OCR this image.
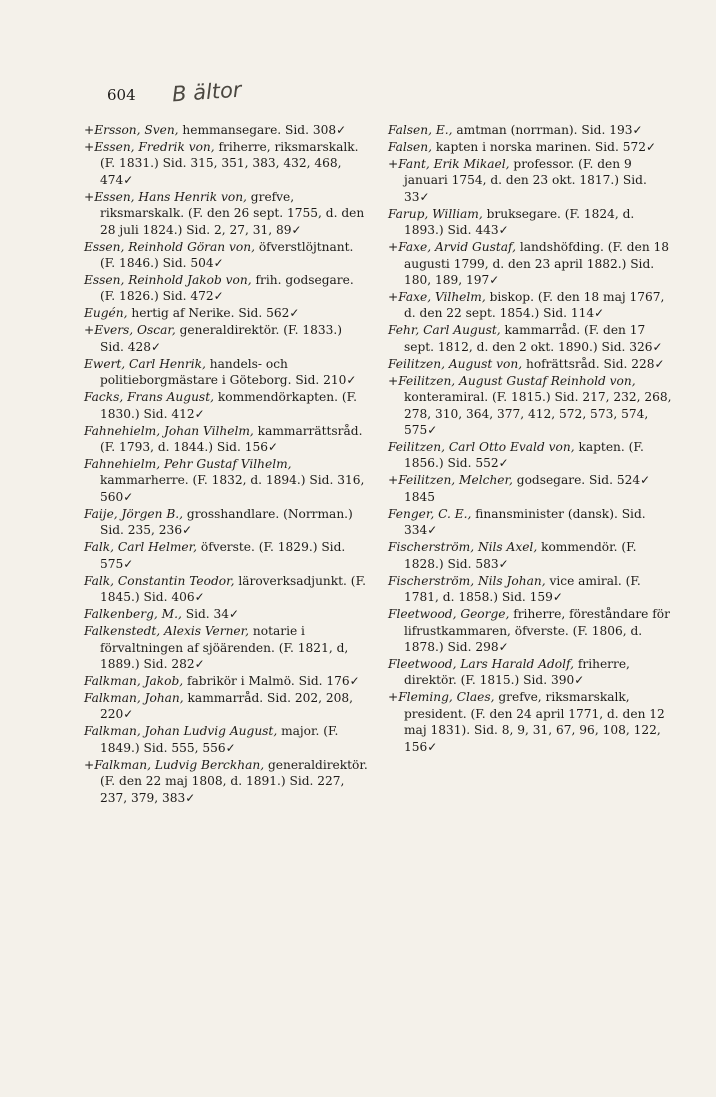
604 B ältor

+Ersson, Sven, hemmansegare. Sid. 308✓

+Essen, Fredrik von, friherre, riksmarskalk. (F. 1831.) Sid. 315, 351, 383, 432, 468, 474✓

+Essen, Hans Henrik von, grefve, riksmarskalk. (F. den 26 sept. 1755, d. den 28 juli 1824.) Sid. 2, 27, 31, 89✓

Essen, Reinhold Göran von, öfverstlöjtnant. (F. 1846.) Sid. 504✓

Essen, Reinhold Jakob von, frih. godsegare. (F. 1826.) Sid. 472✓

Eugén, hertig af Nerike. Sid. 562✓

+Evers, Oscar, generaldirektör. (F. 1833.) Sid. 428✓

Ewert, Carl Henrik, handels- och politieborgmästare i Göteborg. Sid. 210✓

Facks, Frans August, kommendörkapten. (F. 1830.) Sid. 412✓

Fahnehielm, Johan Vilhelm, kammarrättsråd. (F. 1793, d. 1844.) Sid. 156✓

Fahnehielm, Pehr Gustaf Vilhelm, kammarherre. (F. 1832, d. 1894.) Sid. 316, 560✓

Faije, Jörgen B., grosshandlare. (Norrman.) Sid. 235, 236✓

Falk, Carl Helmer, öfverste. (F. 1829.) Sid. 575✓

Falk, Constantin Teodor, läroverksadjunkt. (F. 1845.) Sid. 406✓

Falkenberg, M., Sid. 34✓

Falkenstedt, Alexis Verner, notarie i förvaltningen af sjöärenden. (F. 1821, d, 1889.) Sid. 282✓

Falkman, Jakob, fabrikör i Malmö. Sid. 176✓

Falkman, Johan, kammarråd. Sid. 202, 208, 220✓

Falkman, Johan Ludvig August, major. (F. 1849.) Sid. 555, 556✓

+Falkman, Ludvig Berckhan, generaldirektör. (F. den 22 maj 1808, d. 1891.) Sid. 227, 237, 379, 383✓

Falsen, E., amtman (norrman). Sid. 193✓

Falsen, kapten i norska marinen. Sid. 572✓

+Fant, Erik Mikael, professor. (F. den 9 januari 1754, d. den 23 okt. 1817.) Sid. 33✓

Farup, William, bruksegare. (F. 1824, d. 1893.) Sid. 443✓

+Faxe, Arvid Gustaf, landshöfding. (F. den 18 augusti 1799, d. den 23 april 1882.) Sid. 180, 189, 197✓

+Faxe, Vilhelm, biskop. (F. den 18 maj 1767, d. den 22 sept. 1854.) Sid. 114✓

Fehr, Carl August, kammarråd. (F. den 17 sept. 1812, d. den 2 okt. 1890.) Sid. 326✓

Feilitzen, August von, hofrättsråd. Sid. 228✓

+Feilitzen, August Gustaf Reinhold von, konteramiral. (F. 1815.) Sid. 217, 232, 268, 278, 310, 364, 377, 412, 572, 573, 574, 575✓

Feilitzen, Carl Otto Evald von, kapten. (F. 1856.) Sid. 552✓

+Feilitzen, Melcher, godsegare. Sid. 524✓ 1845

Fenger, C. E., finansminister (dansk). Sid. 334✓

Fischerström, Nils Axel, kommendör. (F. 1828.) Sid. 583✓

Fischerström, Nils Johan, vice amiral. (F. 1781, d. 1858.) Sid. 159✓

Fleetwood, George, friherre, föreståndare för lifrustkammaren, öfverste. (F. 1806, d. 1878.) Sid. 298✓

Fleetwood, Lars Harald Adolf, friherre, direktör. (F. 1815.) Sid. 390✓

+Fleming, Claes, grefve, riksmarskalk, president. (F. den 24 april 1771, d. den 12 maj 1831). Sid. 8, 9, 31, 67, 96, 108, 122, 156✓
